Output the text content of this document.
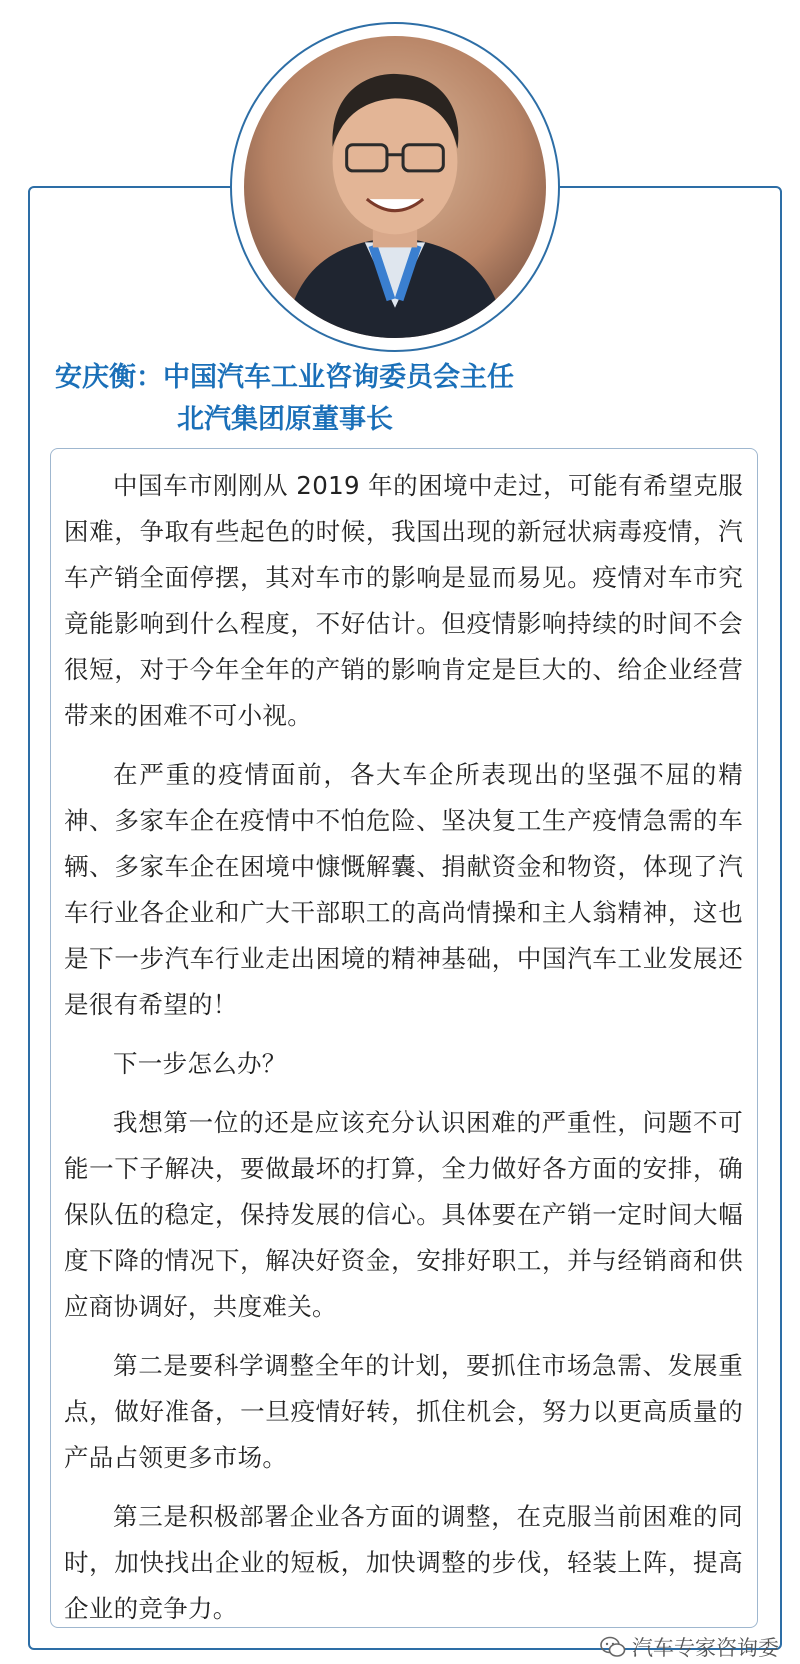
安庆衡：中国汽车工业咨询委员会主任
北汽集团原董事长

中国车市刚刚从 2019 年的困境中走过，可能有希望克服困难，争取有些起色的时候，我国出现的新冠状病毒疫情，汽车产销全面停摆，其对车市的影响是显而易见。疫情对车市究竟能影响到什么程度，不好估计。但疫情影响持续的时间不会很短，对于今年全年的产销的影响肯定是巨大的、给企业经营带来的困难不可小视。

在严重的疫情面前，各大车企所表现出的坚强不屈的精神、多家车企在疫情中不怕危险、坚决复工生产疫情急需的车辆、多家车企在困境中慷慨解囊、捐献资金和物资，体现了汽车行业各企业和广大干部职工的高尚情操和主人翁精神，这也是下一步汽车行业走出困境的精神基础，中国汽车工业发展还是很有希望的！

下一步怎么办？

我想第一位的还是应该充分认识困难的严重性，问题不可能一下子解决，要做最坏的打算，全力做好各方面的安排，确保队伍的稳定，保持发展的信心。具体要在产销一定时间大幅度下降的情况下，解决好资金，安排好职工，并与经销商和供应商协调好，共度难关。

第二是要科学调整全年的计划，要抓住市场急需、发展重点，做好准备，一旦疫情好转，抓住机会，努力以更高质量的产品占领更多市场。

第三是积极部署企业各方面的调整，在克服当前困难的同时，加快找出企业的短板，加快调整的步伐，轻装上阵，提高企业的竞争力。

汽车专家咨询委
